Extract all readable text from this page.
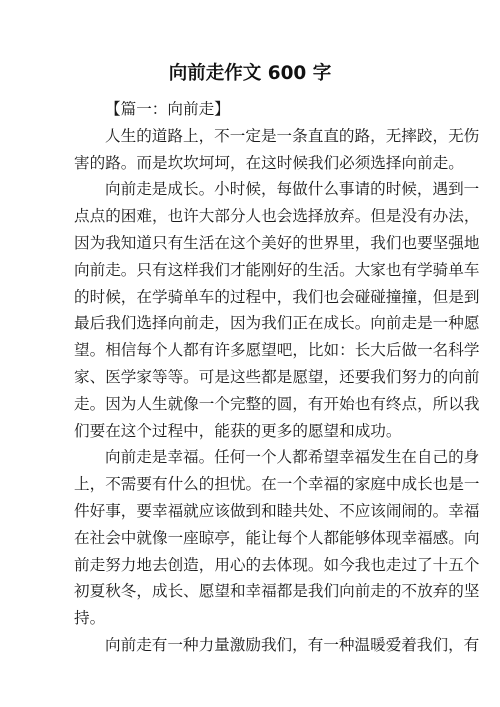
向前走作文 600 字
【篇一：向前走】
人生的道路上，不一定是一条直直的路，无摔跤，无伤
害的路。而是坎坎坷坷，在这时候我们必须选择向前走。
向前走是成长。小时候，每做什么事请的时候，遇到一
点点的困难，也许大部分人也会选择放弃。但是没有办法，
因为我知道只有生活在这个美好的世界里，我们也要坚强地
向前走。只有这样我们才能刚好的生活。大家也有学骑单车
的时候，在学骑单车的过程中，我们也会碰碰撞撞，但是到
最后我们选择向前走，因为我们正在成长。向前走是一种愿
望。相信每个人都有许多愿望吧，比如：长大后做一名科学
家、医学家等等。可是这些都是愿望，还要我们努力的向前
走。因为人生就像一个完整的圆，有开始也有终点，所以我
们要在这个过程中，能获的更多的愿望和成功。
向前走是幸福。任何一个人都希望幸福发生在自己的身
上，不需要有什么的担忧。在一个幸福的家庭中成长也是一
件好事，要幸福就应该做到和睦共处、不应该闹闹的。幸福
在社会中就像一座晾亭，能让每个人都能够体现幸福感。向
前走努力地去创造，用心的去体现。如今我也走过了十五个
初夏秋冬，成长、愿望和幸福都是我们向前走的不放弃的坚
持。
向前走有一种力量激励我们，有一种温暖爱着我们，有
